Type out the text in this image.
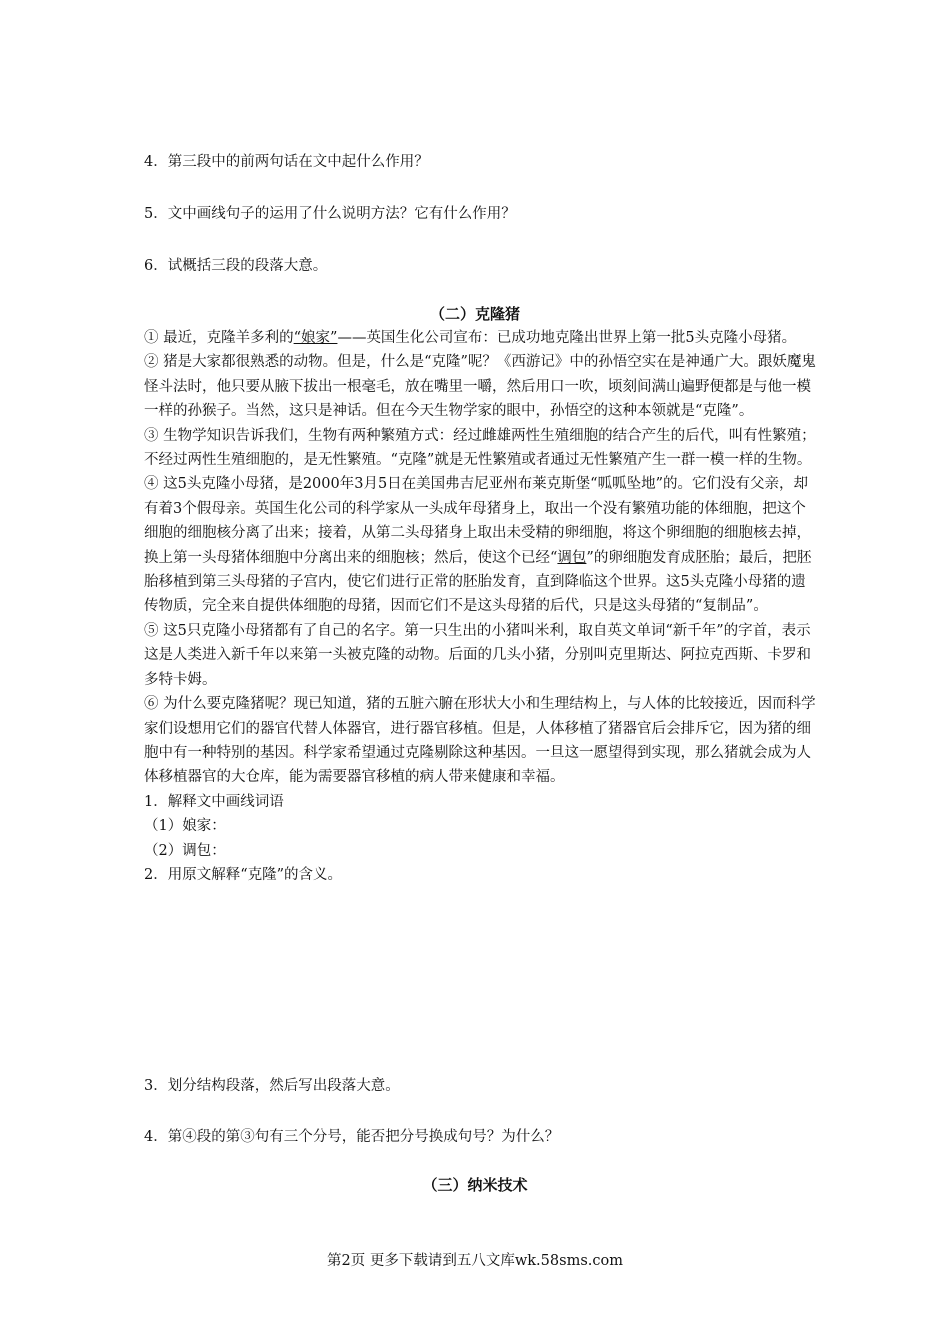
4．第三段中的前两句话在文中起什么作用？
5．文中画线句子的运用了什么说明方法？它有什么作用？
6．试概括三段的段落大意。
（二）克隆猪
① 最近，克隆羊多利的“娘家”——英国生化公司宣布：已成功地克隆出世界上第一批5头克隆小母猪。
② 猪是大家都很熟悉的动物。但是，什么是“克隆”呢？《西游记》中的孙悟空实在是神通广大。跟妖魔鬼怪斗法时，他只要从腋下拔出一根毫毛，放在嘴里一嚼，然后用口一吹，顷刻间满山遍野便都是与他一模一样的孙猴子。当然，这只是神话。但在今天生物学家的眼中，孙悟空的这种本领就是“克隆”。
③ 生物学知识告诉我们，生物有两种繁殖方式：经过雌雄两性生殖细胞的结合产生的后代，叫有性繁殖；不经过两性生殖细胞的，是无性繁殖。“克隆”就是无性繁殖或者通过无性繁殖产生一群一模一样的生物。
④ 这5头克隆小母猪，是2000年3月5日在美国弗吉尼亚州布莱克斯堡“呱呱坠地”的。它们没有父亲，却有着3个假母亲。英国生化公司的科学家从一头成年母猪身上，取出一个没有繁殖功能的体细胞，把这个细胞的细胞核分离了出来；接着，从第二头母猪身上取出未受精的卵细胞，将这个卵细胞的细胞核去掉，换上第一头母猪体细胞中分离出来的细胞核；然后，使这个已经“调包”的卵细胞发育成胚胎；最后，把胚胎移植到第三头母猪的子宫内，使它们进行正常的胚胎发育，直到降临这个世界。这5头克隆小母猪的遗传物质，完全来自提供体细胞的母猪，因而它们不是这头母猪的后代，只是这头母猪的“复制品”。
⑤ 这5只克隆小母猪都有了自己的名字。第一只生出的小猪叫米利，取自英文单词“新千年”的字首，表示这是人类进入新千年以来第一头被克隆的动物。后面的几头小猪，分别叫克里斯达、阿拉克西斯、卡罗和多特卡姆。
⑥ 为什么要克隆猪呢？现已知道，猪的五脏六腑在形状大小和生理结构上，与人体的比较接近，因而科学家们设想用它们的器官代替人体器官，进行器官移植。但是，人体移植了猪器官后会排斥它，因为猪的细胞中有一种特别的基因。科学家希望通过克隆剔除这种基因。一旦这一愿望得到实现，那么猪就会成为人体移植器官的大仓库，能为需要器官移植的病人带来健康和幸福。
1．解释文中画线词语
（1）娘家：
（2）调包：
2．用原文解释“克隆”的含义。
3．划分结构段落，然后写出段落大意。
4．第④段的第③句有三个分号，能否把分号换成句号？为什么？
（三）纳米技术
第2页 更多下载请到五八文库wk.58sms.com
